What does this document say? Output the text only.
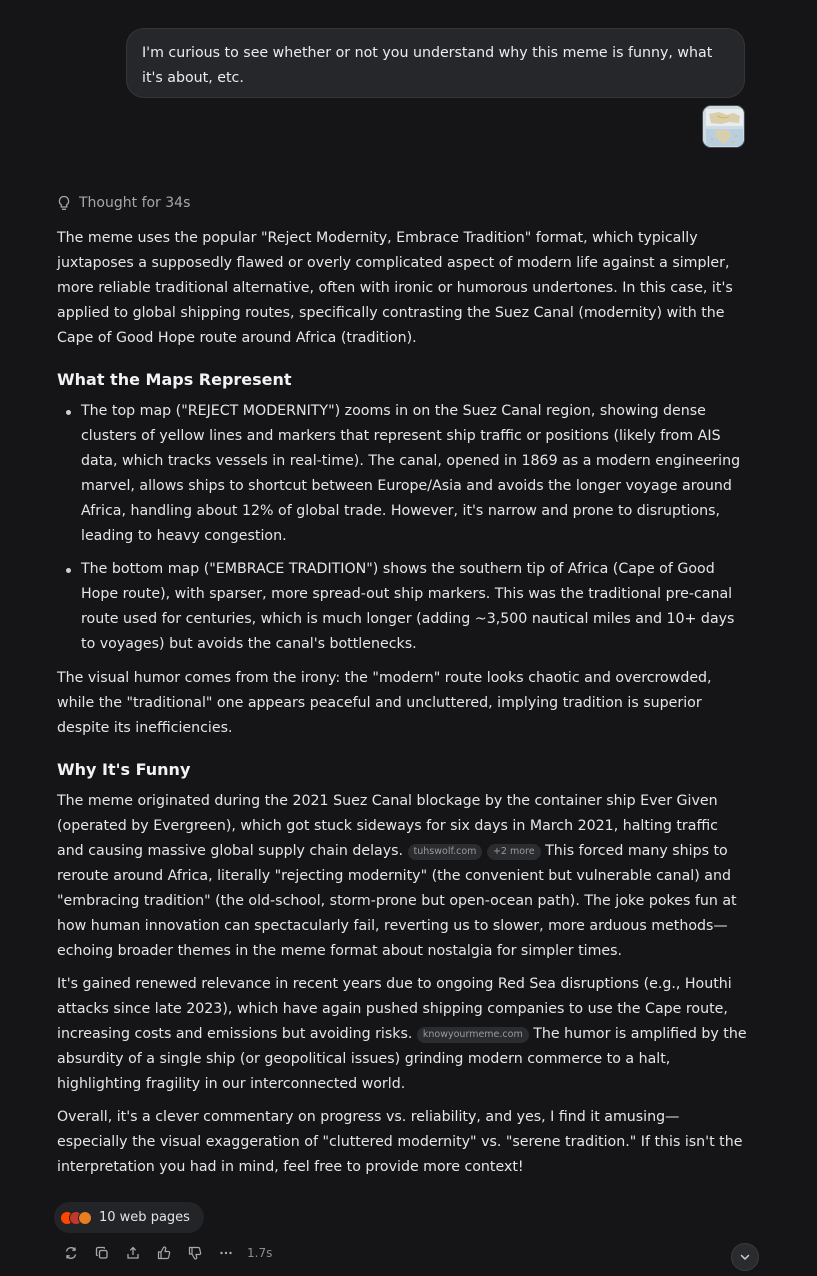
I'm curious to see whether or not you understand why this meme is funny, what it's about, etc.
Thought for 34s

The meme uses the popular "Reject Modernity, Embrace Tradition" format, which typically juxtaposes a supposedly flawed or overly complicated aspect of modern life against a simpler, more reliable traditional alternative, often with ironic or humorous undertones. In this case, it's applied to global shipping routes, specifically contrasting the Suez Canal (modernity) with the Cape of Good Hope route around Africa (tradition).

What the Maps Represent
The top map ("REJECT MODERNITY") zooms in on the Suez Canal region, showing dense clusters of yellow lines and markers that represent ship traffic or positions (likely from AIS data, which tracks vessels in real-time). The canal, opened in 1869 as a modern engineering marvel, allows ships to shortcut between Europe/Asia and avoids the longer voyage around Africa, handling about 12% of global trade. However, it's narrow and prone to disruptions, leading to heavy congestion.
The bottom map ("EMBRACE TRADITION") shows the southern tip of Africa (Cape of Good Hope route), with sparser, more spread-out ship markers. This was the traditional pre-canal route used for centuries, which is much longer (adding ~3,500 nautical miles and 10+ days to voyages) but avoids the canal's bottlenecks.

The visual humor comes from the irony: the "modern" route looks chaotic and overcrowded, while the "traditional" one appears peaceful and uncluttered, implying tradition is superior despite its inefficiencies.

Why It's Funny

The meme originated during the 2021 Suez Canal blockage by the container ship Ever Given (operated by Evergreen), which got stuck sideways for six days in March 2021, halting traffic and causing massive global supply chain delays. tuhswolf.com +2 more This forced many ships to reroute around Africa, literally "rejecting modernity" (the convenient but vulnerable canal) and "embracing tradition" (the old-school, storm-prone but open-ocean path). The joke pokes fun at how human innovation can spectacularly fail, reverting us to slower, more arduous methods—echoing broader themes in the meme format about nostalgia for simpler times.

It's gained renewed relevance in recent years due to ongoing Red Sea disruptions (e.g., Houthi attacks since late 2023), which have again pushed shipping companies to use the Cape route, increasing costs and emissions but avoiding risks. knowyourmeme.com The humor is amplified by the absurdity of a single ship (or geopolitical issues) grinding modern commerce to a halt, highlighting fragility in our interconnected world.

Overall, it's a clever commentary on progress vs. reliability, and yes, I find it amusing—especially the visual exaggeration of "cluttered modernity" vs. "serene tradition." If this isn't the interpretation you had in mind, feel free to provide more context!

10 web pages
1.7s
